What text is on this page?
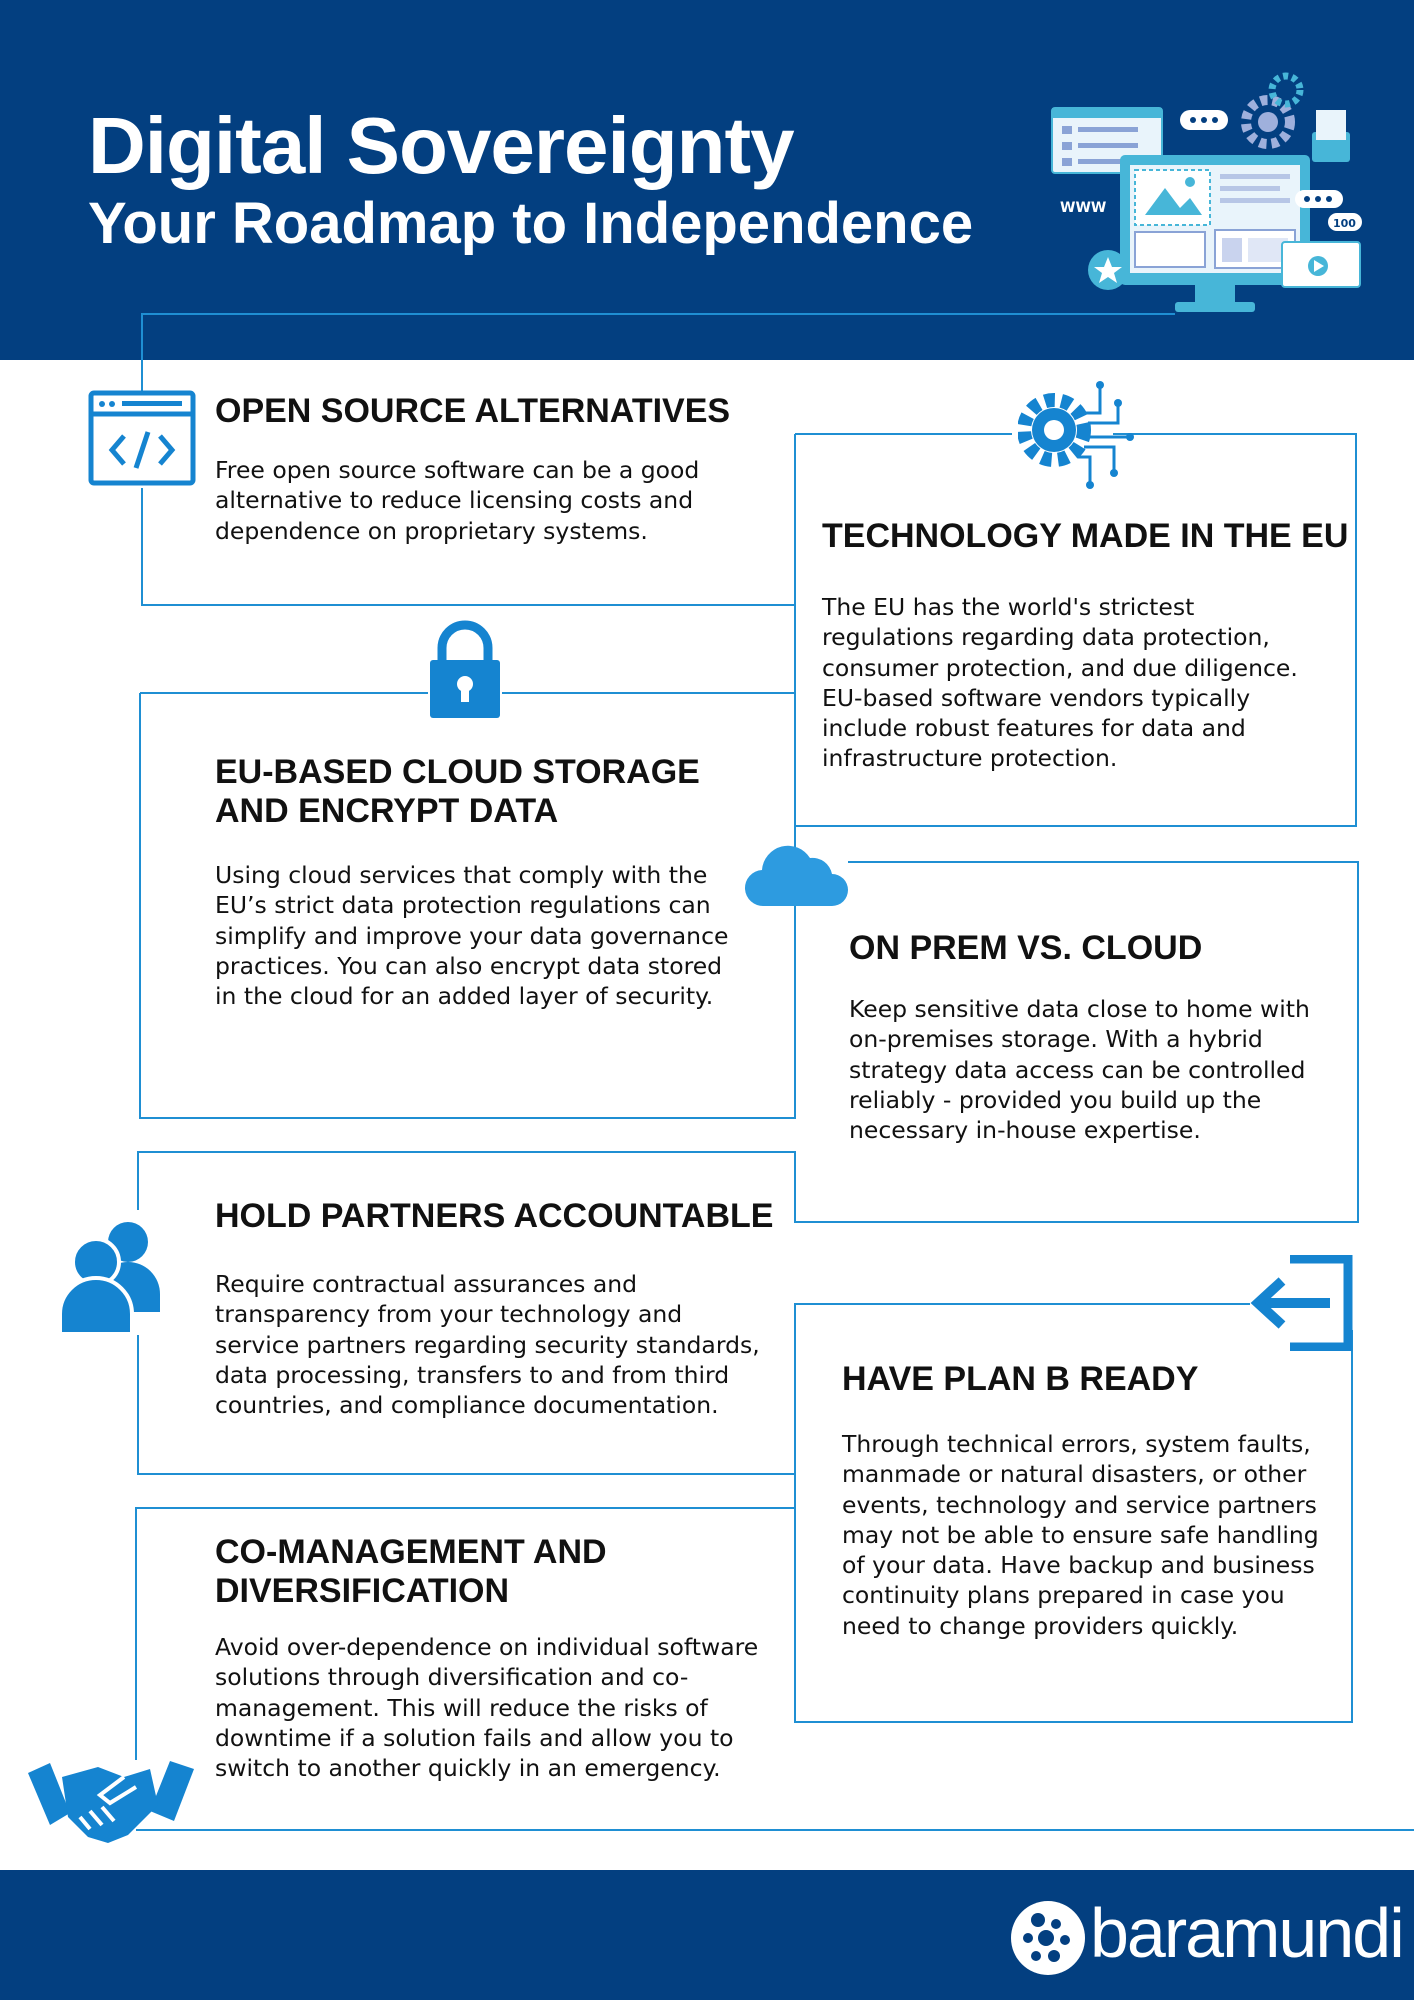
Digital Sovereignty
Your Roadmap to Independence	WWW
100
OPEN SOURCE ALTERNATIVES

Free open source software can be a good alternative to reduce licensing costs and dependence on proprietary systems.	TECHNOLOGY MADE IN THE EU

The EU has the world's strictest regulations regarding data protection, consumer protection, and due diligence. EU-based software vendors typically include robust features for data and infrastructure protection.

EU-BASED CLOUD STORAGE
AND ENCRYPT DATA

Using cloud services that comply with the EU’s strict data protection regulations can simplify and improve your data governance practices. You can also encrypt data stored in the cloud for an added layer of security.

ON PREM VS. CLOUD

Keep sensitive data close to home with on-premises storage. With a hybrid strategy data access can be controlled reliably - provided you build up the necessary in-house expertise.

HOLD PARTNERS ACCOUNTABLE

Require contractual assurances and transparency from your technology and service partners regarding security standards, data processing, transfers to and from third countries, and compliance documentation.

HAVE PLAN B READY

Through technical errors, system faults, manmade or natural disasters, or other events, technology and service partners may not be able to ensure safe handling of your data. Have backup and business continuity plans prepared in case you need to change providers quickly.

CO-MANAGEMENT AND
DIVERSIFICATION

Avoid over-dependence on individual software solutions through diversification and co-management. This will reduce the risks of downtime if a solution fails and allow you to switch to another quickly in an emergency.

baramundi
